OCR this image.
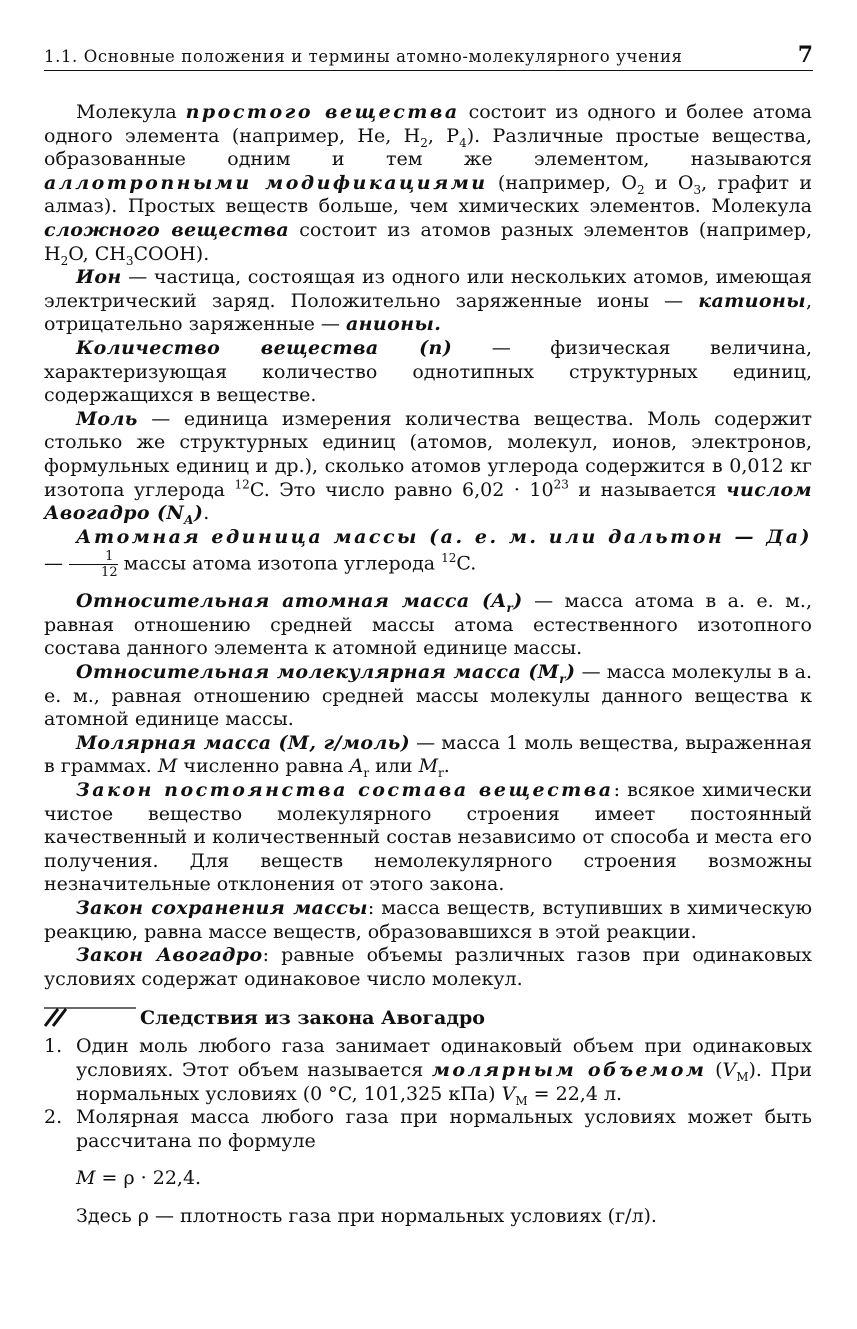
1.1. Основные положения и термины атомно-молекулярного учения	7

Молекула простого вещества состоит из одного и более атома одного элемента (например, He, $H_2$, $P_4$). Различные простые вещества, образованные одним и тем же элементом, называются аллотропными модификациями (например, $O_2$ и $O_3$, графит и алмаз). Простых веществ больше, чем химических элементов. Молекула сложного вещества состоит из атомов разных элементов (например, $H_2O$, $CH_3COOH$).

Ион — частица, состоящая из одного или нескольких атомов, имеющая электрический заряд. Положительно заряженные ионы — катионы, отрицательно заряженные — анионы.

Количество вещества (n) — физическая величина, характеризующая количество однотипных структурных единиц, содержащихся в веществе.

Моль — единица измерения количества вещества. Моль содержит столько же структурных единиц (атомов, молекул, ионов, электронов, формульных единиц и др.), сколько атомов углерода содержится в 0,012 кг изотопа углерода $^{12}$C. Это число равно $6,02 \cdot 10^{23}$ и называется числом Авогадро $(N_A)$.

Атомная единица массы (а. е. м. или дальтон — Да) — $\frac{1}{12}$ массы атома изотопа углерода $^{12}$C.

Относительная атомная масса $(A_r)$ — масса атома в а. е. м., равная отношению средней массы атома естественного изотопного состава данного элемента к атомной единице массы.

Относительная молекулярная масса $(M_r)$ — масса молекулы в а. е. м., равная отношению средней массы молекулы данного вещества к атомной единице массы.

Молярная масса (M, г/моль) — масса 1 моль вещества, выраженная в граммах. M численно равна $A_r$ или $M_r$.

Закон постоянства состава вещества: всякое химически чистое вещество молекулярного строения имеет постоянный качественный и количественный состав независимо от способа и места его получения. Для веществ немолекулярного строения возможны незначительные отклонения от этого закона.

Закон сохранения массы: масса веществ, вступивших в химическую реакцию, равна массе веществ, образовавшихся в этой реакции.

Закон Авогадро: равные объемы различных газов при одинаковых условиях содержат одинаковое число молекул.

Следствия из закона Авогадро
1. Один моль любого газа занимает одинаковый объем при одинаковых условиях. Этот объем называется молярным объемом $(V_M)$. При нормальных условиях (0 °C, 101,325 кПа) $V_M = 22,4$ л.

2. Молярная масса любого газа при нормальных условиях может быть рассчитана по формуле

M = ρ · 22,4.

Здесь ρ — плотность газа при нормальных условиях (г/л).
